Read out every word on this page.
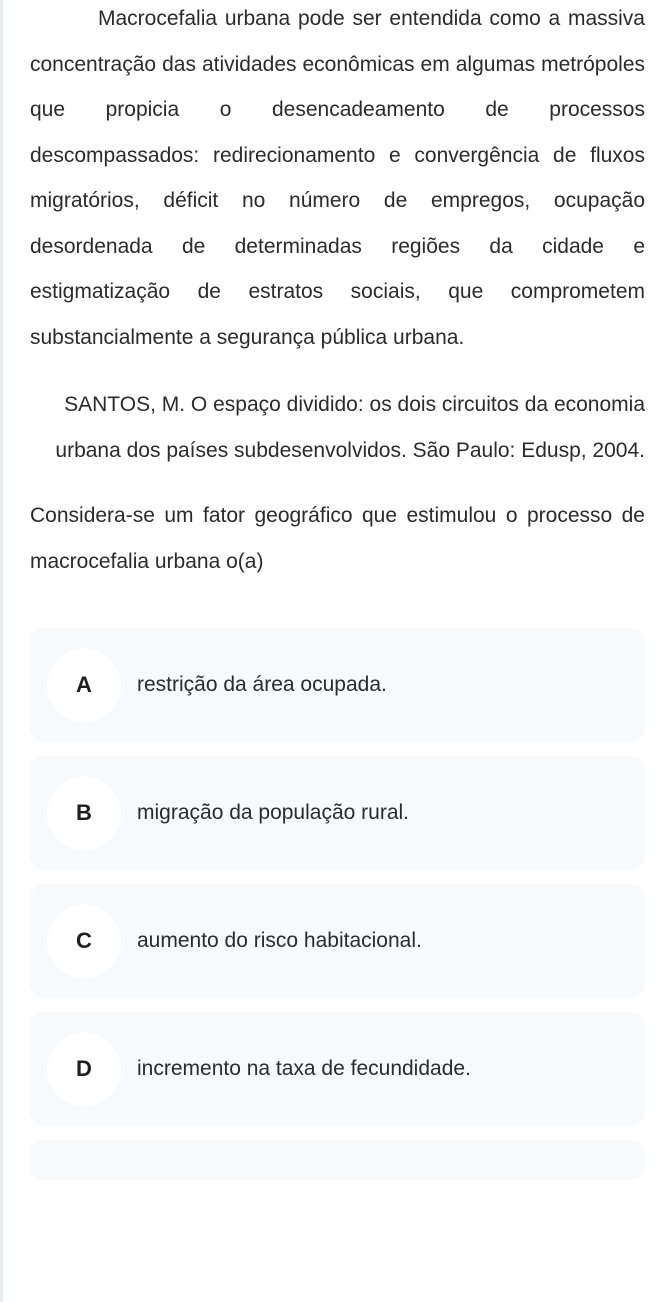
Macrocefalia urbana pode ser entendida como a massiva concentração das atividades econômicas em algumas metrópoles que propicia o desencadeamento de processos descompassados: redirecionamento e convergência de fluxos migratórios, déficit no número de empregos, ocupação desordenada de determinadas regiões da cidade e estigmatização de estratos sociais, que comprometem substancialmente a segurança pública urbana.

SANTOS, M. O espaço dividido: os dois circuitos da economia urbana dos países subdesenvolvidos. São Paulo: Edusp, 2004.

Considera-se um fator geográfico que estimulou o processo de macrocefalia urbana o(a)

A	restrição da área ocupada.
B	migração da população rural.
C	aumento do risco habitacional.
D	incremento na taxa de fecundidade.
